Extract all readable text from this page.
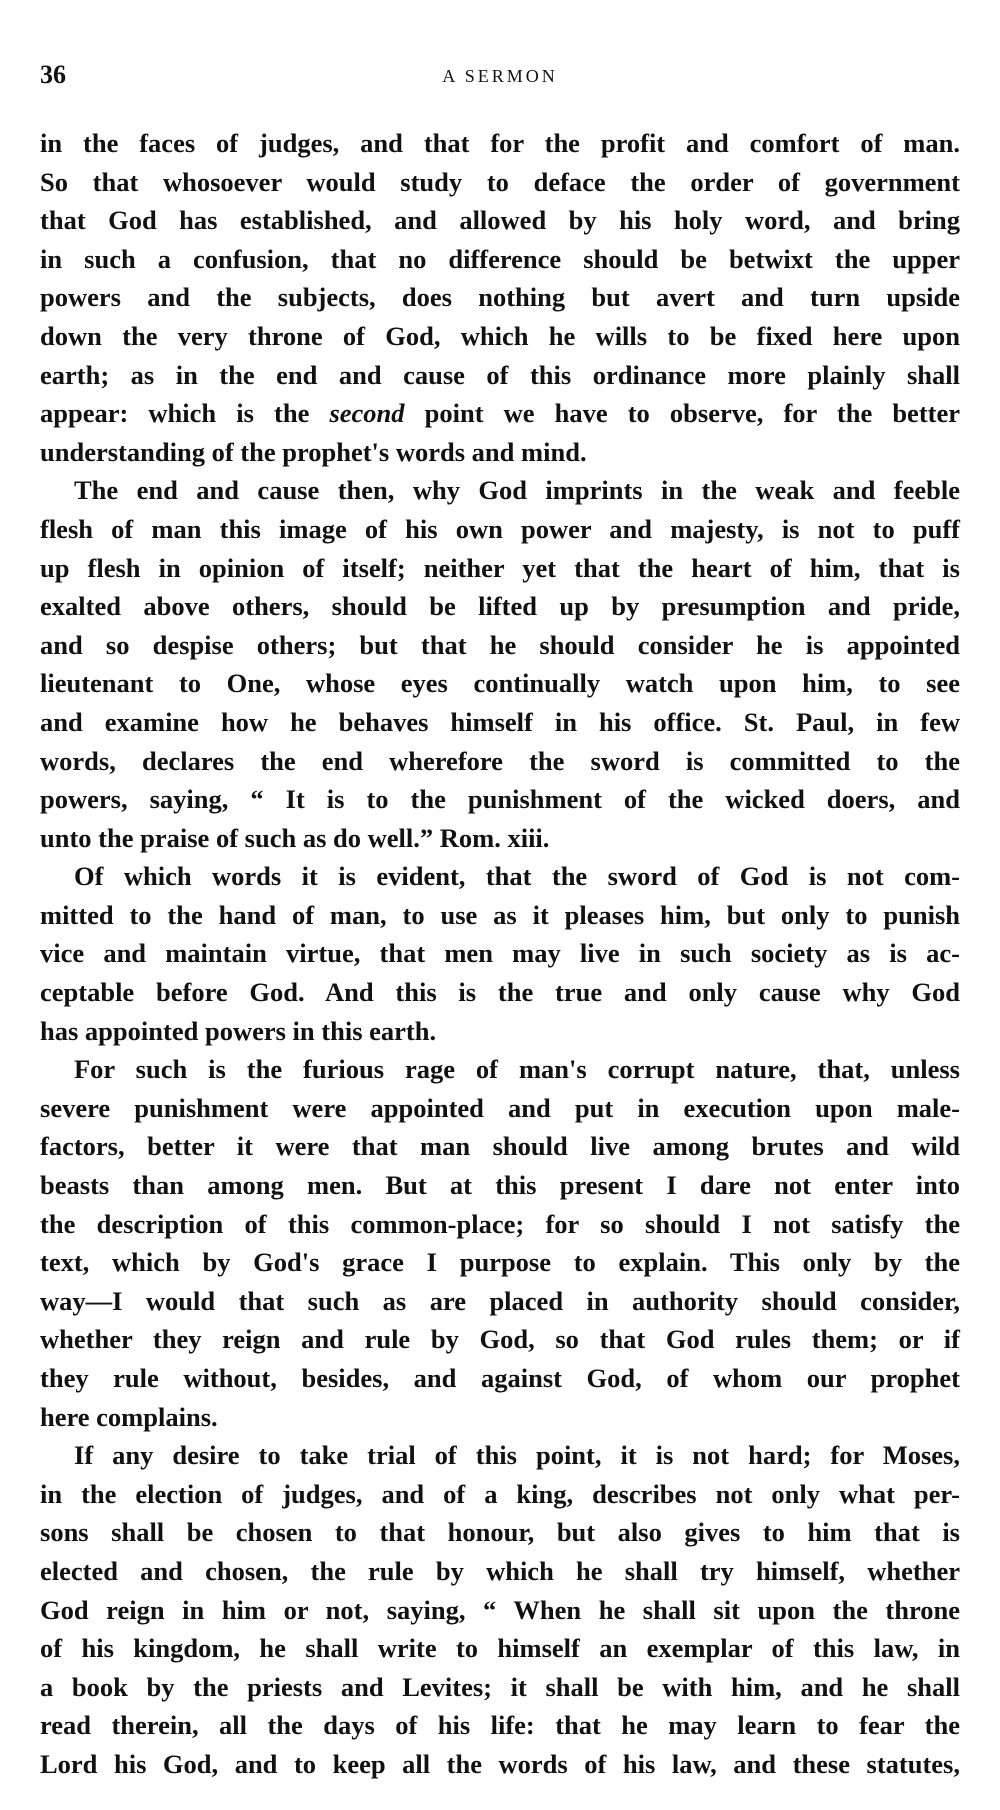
36	A SERMON
in the faces of judges, and that for the profit and comfort of man.
So that whosoever would study to deface the order of government
that God has established, and allowed by his holy word, and bring
in such a confusion, that no difference should be betwixt the upper
powers and the subjects, does nothing but avert and turn upside
down the very throne of God, which he wills to be fixed here upon
earth; as in the end and cause of this ordinance more plainly shall
appear: which is the second point we have to observe, for the better
understanding of the prophet's words and mind.
The end and cause then, why God imprints in the weak and feeble
flesh of man this image of his own power and majesty, is not to puff
up flesh in opinion of itself; neither yet that the heart of him, that is
exalted above others, should be lifted up by presumption and pride,
and so despise others; but that he should consider he is appointed
lieutenant to One, whose eyes continually watch upon him, to see
and examine how he behaves himself in his office. St. Paul, in few
words, declares the end wherefore the sword is committed to the
powers, saying, “ It is to the punishment of the wicked doers, and
unto the praise of such as do well.” Rom. xiii.
Of which words it is evident, that the sword of God is not com-
mitted to the hand of man, to use as it pleases him, but only to punish
vice and maintain virtue, that men may live in such society as is ac-
ceptable before God. And this is the true and only cause why God
has appointed powers in this earth.
For such is the furious rage of man's corrupt nature, that, unless
severe punishment were appointed and put in execution upon male-
factors, better it were that man should live among brutes and wild
beasts than among men. But at this present I dare not enter into
the description of this common-place; for so should I not satisfy the
text, which by God's grace I purpose to explain. This only by the
way—I would that such as are placed in authority should consider,
whether they reign and rule by God, so that God rules them; or if
they rule without, besides, and against God, of whom our prophet
here complains.
If any desire to take trial of this point, it is not hard; for Moses,
in the election of judges, and of a king, describes not only what per-
sons shall be chosen to that honour, but also gives to him that is
elected and chosen, the rule by which he shall try himself, whether
God reign in him or not, saying, “ When he shall sit upon the throne
of his kingdom, he shall write to himself an exemplar of this law, in
a book by the priests and Levites; it shall be with him, and he shall
read therein, all the days of his life: that he may learn to fear the
Lord his God, and to keep all the words of his law, and these statutes,
